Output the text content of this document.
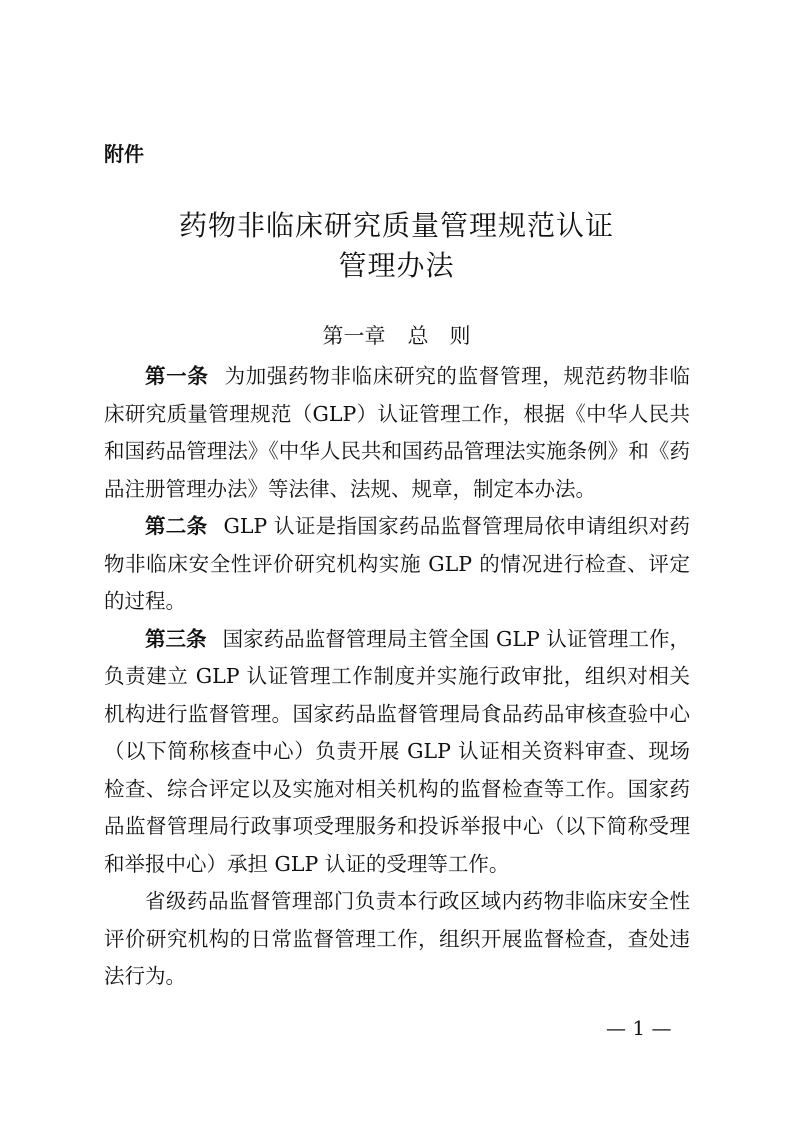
附件
药物非临床研究质量管理规范认证
管理办法
第一章 总　则

第一条 为加强药物非临床研究的监督管理，规范药物非临床研究质量管理规范（GLP）认证管理工作，根据《中华人民共和国药品管理法》《中华人民共和国药品管理法实施条例》和《药品注册管理办法》等法律、法规、规章，制定本办法。

第二条 GLP 认证是指国家药品监督管理局依申请组织对药物非临床安全性评价研究机构实施 GLP 的情况进行检查、评定的过程。

第三条 国家药品监督管理局主管全国 GLP 认证管理工作，负责建立 GLP 认证管理工作制度并实施行政审批，组织对相关机构进行监督管理。国家药品监督管理局食品药品审核查验中心（以下简称核查中心）负责开展 GLP 认证相关资料审查、现场检查、综合评定以及实施对相关机构的监督检查等工作。国家药品监督管理局行政事项受理服务和投诉举报中心（以下简称受理和举报中心）承担 GLP 认证的受理等工作。

省级药品监督管理部门负责本行政区域内药物非临床安全性评价研究机构的日常监督管理工作，组织开展监督检查，查处违法行为。

— 1 —
